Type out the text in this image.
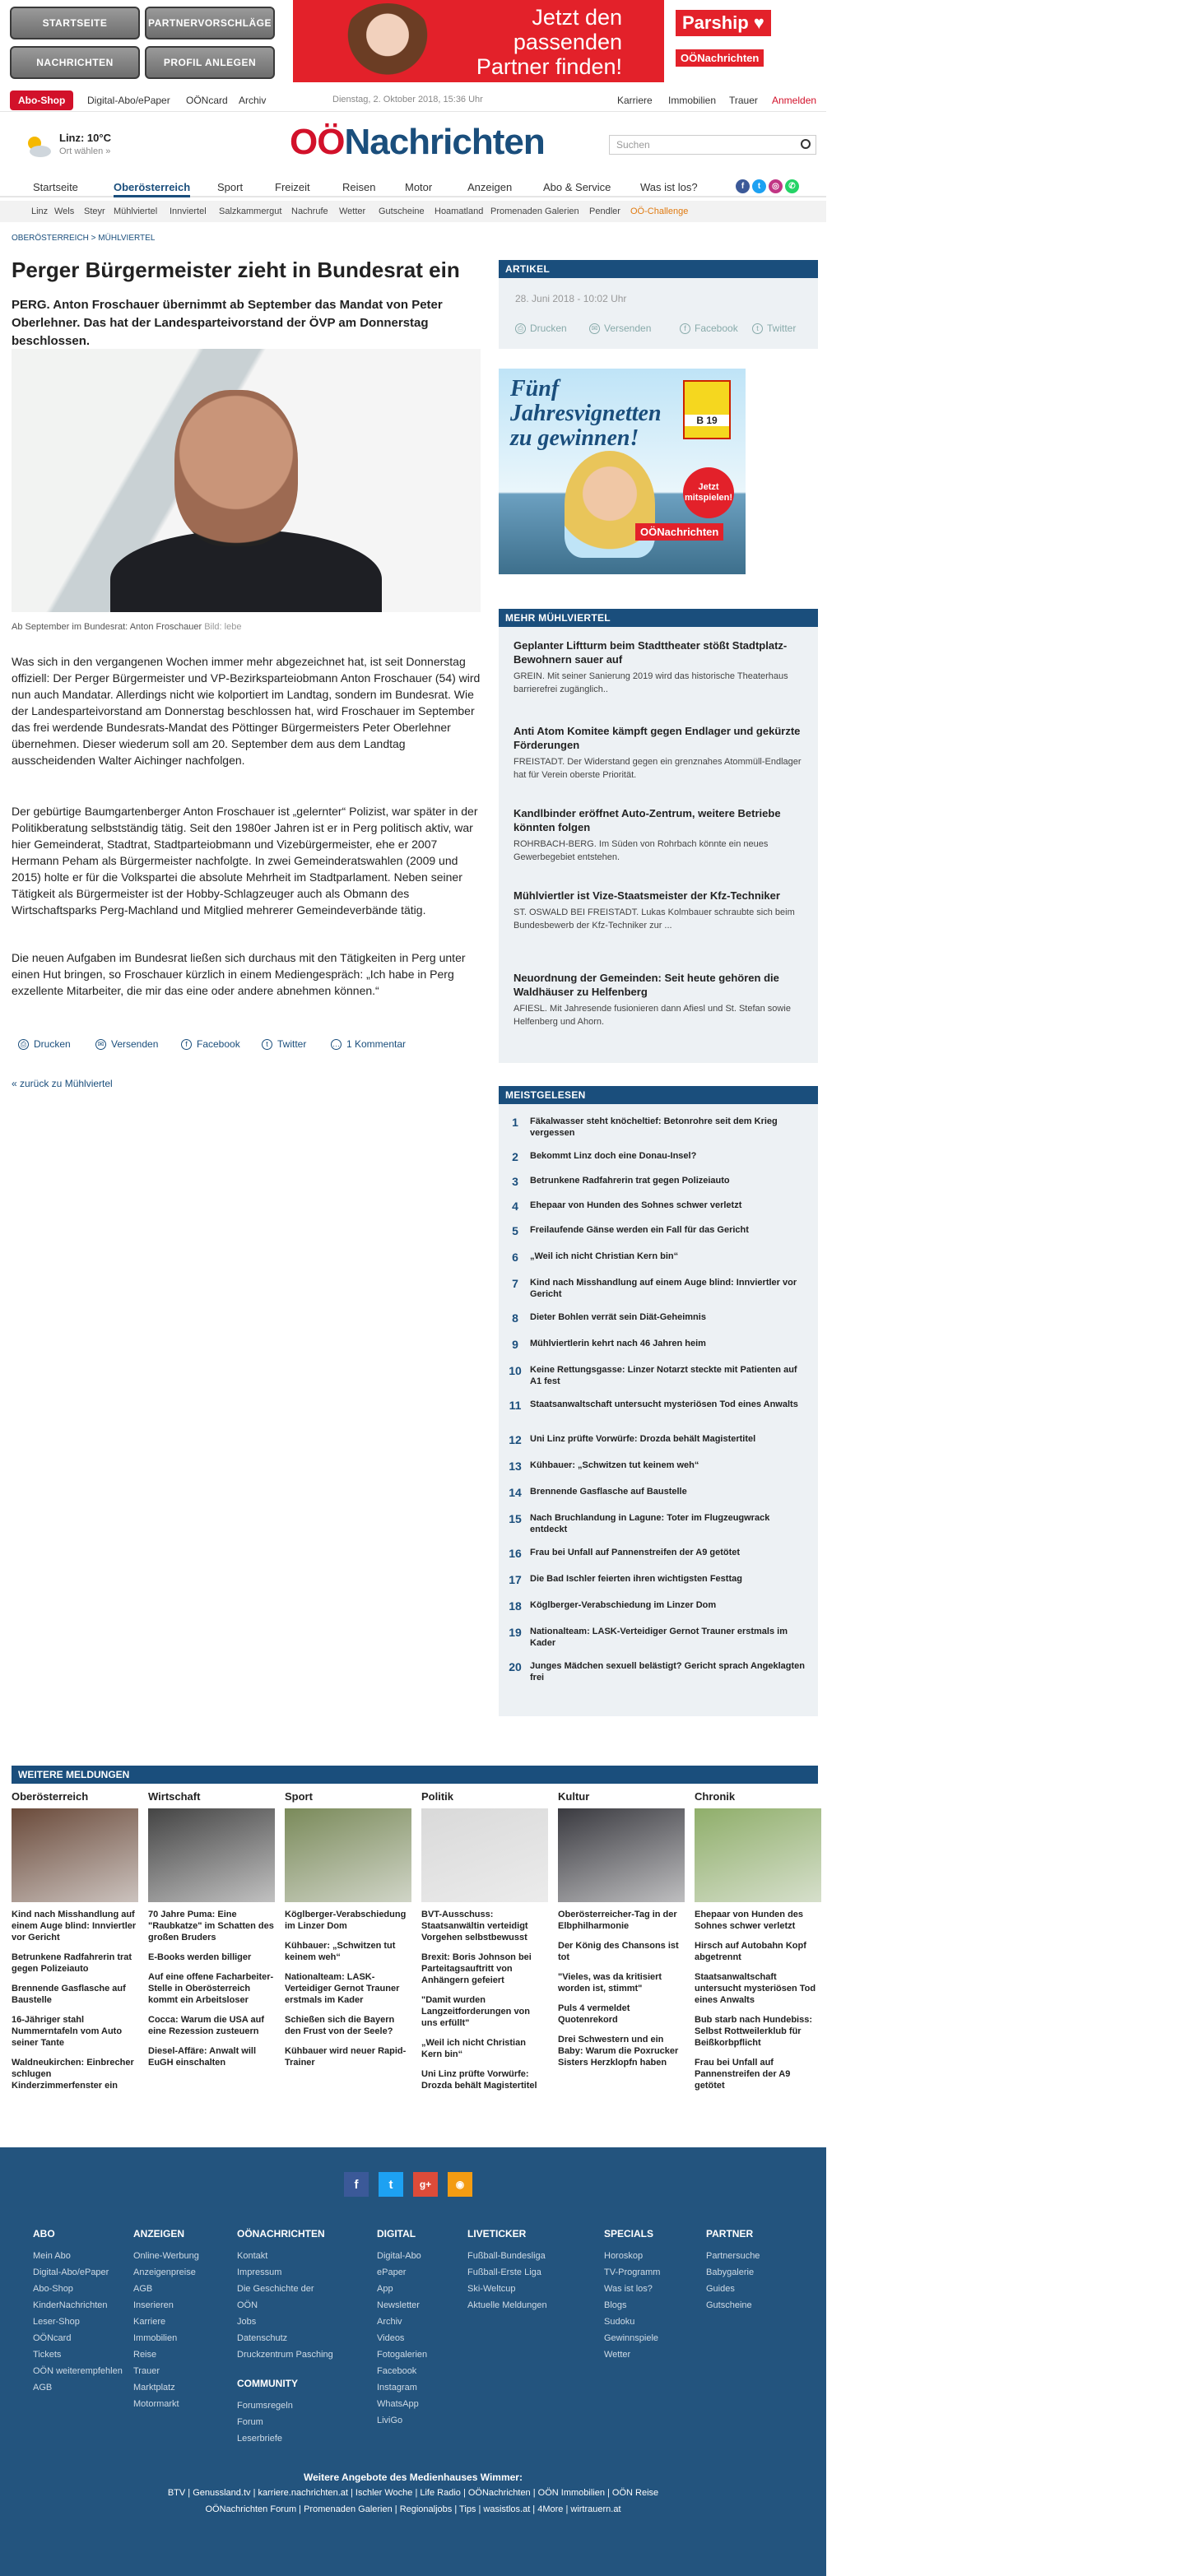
STARTSEITE	PARTNERVORSCHLÄGE
NACHRICHTEN	PROFIL ANLEGEN
Jetzt den passenden Partner finden!
Parship ♥
OÖNachrichten
Abo-Shop	Digital-Abo/ePaper OÖNcard Archiv	Dienstag, 2. Oktober 2018, 15:36 Uhr	Karriere Immobilien Trauer Anmelden
Linz: 10°C
Ort wählen »	OÖNachrichten	Suchen
Startseite	Oberösterreich	Sport	Freizeit	Reisen	Motor	Anzeigen	Abo & Service	Was ist los?	f	t	◎	✆
Linz Wels Steyr Mühlviertel Innviertel Salzkammergut Nachrufe Wetter Gutscheine Hoamatland Promenaden Galerien Pendler OÖ-Challenge
OBERÖSTERREICH > MÜHLVIERTEL
Perger Bürgermeister zieht in Bundesrat ein
PERG. Anton Froschauer übernimmt ab September das Mandat von Peter Oberlehner. Das hat der Landesparteivorstand der ÖVP am Donnerstag beschlossen.
Ab September im Bundesrat: Anton Froschauer Bild: lebe
Was sich in den vergangenen Wochen immer mehr abgezeichnet hat, ist seit Donnerstag offiziell: Der Perger Bürgermeister und VP-Bezirksparteiobmann Anton Froschauer (54) wird nun auch Mandatar. Allerdings nicht wie kolportiert im Landtag, sondern im Bundesrat. Wie der Landesparteivorstand am Donnerstag beschlossen hat, wird Froschauer im September das frei werdende Bundesrats-Mandat des Pöttinger Bürgermeisters Peter Oberlehner übernehmen. Dieser wiederum soll am 20. September dem aus dem Landtag ausscheidenden Walter Aichinger nachfolgen.
Der gebürtige Baumgartenberger Anton Froschauer ist „gelernter“ Polizist, war später in der Politikberatung selbstständig tätig. Seit den 1980er Jahren ist er in Perg politisch aktiv, war hier Gemeinderat, Stadtrat, Stadtparteiobmann und Vizebürgermeister, ehe er 2007 Hermann Peham als Bürgermeister nachfolgte. In zwei Gemeinderatswahlen (2009 und 2015) holte er für die Volkspartei die absolute Mehrheit im Stadtparlament. Neben seiner Tätigkeit als Bürgermeister ist der Hobby-Schlagzeuger auch als Obmann des Wirtschaftsparks Perg-Machland und Mitglied mehrerer Gemeindeverbände tätig.
Die neuen Aufgaben im Bundesrat ließen sich durchaus mit den Tätigkeiten in Perg unter einen Hut bringen, so Froschauer kürzlich in einem Mediengespräch: „Ich habe in Perg exzellente Mitarbeiter, die mir das eine oder andere abnehmen können.“
⎙ Drucken	✉ Versenden	f Facebook	t Twitter	… 1 Kommentar
« zurück zu Mühlviertel
ARTIKEL
28. Juni 2018 - 10:02 Uhr
⎙ Drucken	✉ Versenden	f Facebook	t Twitter
Fünf Jahresvignetten zu gewinnen!
B 19
Jetzt mitspielen!
OÖNachrichten
MEHR MÜHLVIERTEL
Geplanter Liftturm beim Stadttheater stößt Stadtplatz-Bewohnern sauer auf
GREIN. Mit seiner Sanierung 2019 wird das historische Theaterhaus barrierefrei zugänglich..
Anti Atom Komitee kämpft gegen Endlager und gekürzte Förderungen
FREISTADT. Der Widerstand gegen ein grenznahes Atommüll-Endlager hat für Verein oberste Priorität.
Kandlbinder eröffnet Auto-Zentrum, weitere Betriebe könnten folgen
ROHRBACH-BERG. Im Süden von Rohrbach könnte ein neues Gewerbegebiet entstehen.
Mühlviertler ist Vize-Staatsmeister der Kfz-Techniker
ST. OSWALD BEI FREISTADT. Lukas Kolmbauer schraubte sich beim Bundesbewerb der Kfz-Techniker zur ...
Neuordnung der Gemeinden: Seit heute gehören die Waldhäuser zu Helfenberg
AFIESL. Mit Jahresende fusionieren dann Afiesl und St. Stefan sowie Helfenberg und Ahorn.
MEISTGELESEN
1	Fäkalwasser steht knöcheltief: Betonrohre seit dem Krieg vergessen
2	Bekommt Linz doch eine Donau-Insel?
3	Betrunkene Radfahrerin trat gegen Polizeiauto
4	Ehepaar von Hunden des Sohnes schwer verletzt
5	Freilaufende Gänse werden ein Fall für das Gericht
6	„Weil ich nicht Christian Kern bin“
7	Kind nach Misshandlung auf einem Auge blind: Innviertler vor Gericht
8	Dieter Bohlen verrät sein Diät-Geheimnis
9	Mühlviertlerin kehrt nach 46 Jahren heim
10 Keine Rettungsgasse: Linzer Notarzt steckte mit Patienten auf A1 fest
11 Staatsanwaltschaft untersucht mysteriösen Tod eines Anwalts
12 Uni Linz prüfte Vorwürfe: Drozda behält Magistertitel
13 Kühbauer: „Schwitzen tut keinem weh“
14 Brennende Gasflasche auf Baustelle
15 Nach Bruchlandung in Lagune: Toter im Flugzeugwrack entdeckt
16 Frau bei Unfall auf Pannenstreifen der A9 getötet
17 Die Bad Ischler feierten ihren wichtigsten Festtag
18 Köglberger-Verabschiedung im Linzer Dom
19 Nationalteam: LASK-Verteidiger Gernot Trauner erstmals im Kader
20 Junges Mädchen sexuell belästigt? Gericht sprach Angeklagten frei
WEITERE MELDUNGEN
Oberösterreich
Kind nach Misshandlung auf einem Auge blind: Innviertler vor Gericht
Betrunkene Radfahrerin trat gegen Polizeiauto
Brennende Gasflasche auf Baustelle
16-Jähriger stahl Nummerntafeln vom Auto seiner Tante
Waldneukirchen: Einbrecher schlugen Kinderzimmerfenster ein
Wirtschaft
70 Jahre Puma: Eine "Raubkatze" im Schatten des großen Bruders
E-Books werden billiger
Auf eine offene Facharbeiter-Stelle in Oberösterreich kommt ein Arbeitsloser
Cocca: Warum die USA auf eine Rezession zusteuern
Diesel-Affäre: Anwalt will EuGH einschalten
Sport
Köglberger-Verabschiedung im Linzer Dom
Kühbauer: „Schwitzen tut keinem weh“
Nationalteam: LASK-Verteidiger Gernot Trauner erstmals im Kader
Schießen sich die Bayern den Frust von der Seele?
Kühbauer wird neuer Rapid-Trainer
Politik
BVT-Ausschuss: Staatsanwältin verteidigt Vorgehen selbstbewusst
Brexit: Boris Johnson bei Parteitagsauftritt von Anhängern gefeiert
"Damit wurden Langzeitforderungen von uns erfüllt"
„Weil ich nicht Christian Kern bin“
Uni Linz prüfte Vorwürfe: Drozda behält Magistertitel
Kultur
Oberösterreicher-Tag in der Elbphilharmonie
Der König des Chansons ist tot
"Vieles, was da kritisiert worden ist, stimmt"
Puls 4 vermeldet Quotenrekord
Drei Schwestern und ein Baby: Warum die Poxrucker Sisters Herzklopfn haben
Chronik
Ehepaar von Hunden des Sohnes schwer verletzt
Hirsch auf Autobahn Kopf abgetrennt
Staatsanwaltschaft untersucht mysteriösen Tod eines Anwalts
Bub starb nach Hundebiss: Selbst Rottweilerklub für Beißkorbpflicht
Frau bei Unfall auf Pannenstreifen der A9 getötet
f	t	g+	◉
ABO
Mein Abo
Digital-Abo/ePaper
Abo-Shop
KinderNachrichten
Leser-Shop
OÖNcard
Tickets
OÖN weiterempfehlen
AGB
ANZEIGEN
Online-Werbung
Anzeigenpreise
AGB
Inserieren
Karriere
Immobilien
Reise
Trauer
Marktplatz
Motormarkt
OÖNACHRICHTEN
Kontakt
Impressum
Die Geschichte der OÖN
Jobs
Datenschutz
Druckzentrum Pasching
DIGITAL
Digital-Abo
ePaper
App
Newsletter
Archiv
Videos
Fotogalerien
Facebook
Instagram
WhatsApp
LiviGo
LIVETICKER
Fußball-Bundesliga
Fußball-Erste Liga
Ski-Weltcup
Aktuelle Meldungen
SPECIALS
Horoskop
TV-Programm
Was ist los?
Blogs
Sudoku
Gewinnspiele
Wetter
PARTNER
Partnersuche
Babygalerie
Guides
Gutscheine
COMMUNITY
Forumsregeln
Forum
Leserbriefe
Weitere Angebote des Medienhauses Wimmer:
BTV | Genussland.tv | karriere.nachrichten.at | Ischler Woche | Life Radio | OÖNachrichten | OÖN Immobilien | OÖN Reise
OÖNachrichten Forum | Promenaden Galerien | Regionaljobs | Tips | wasistlos.at | 4More | wirtrauern.at
